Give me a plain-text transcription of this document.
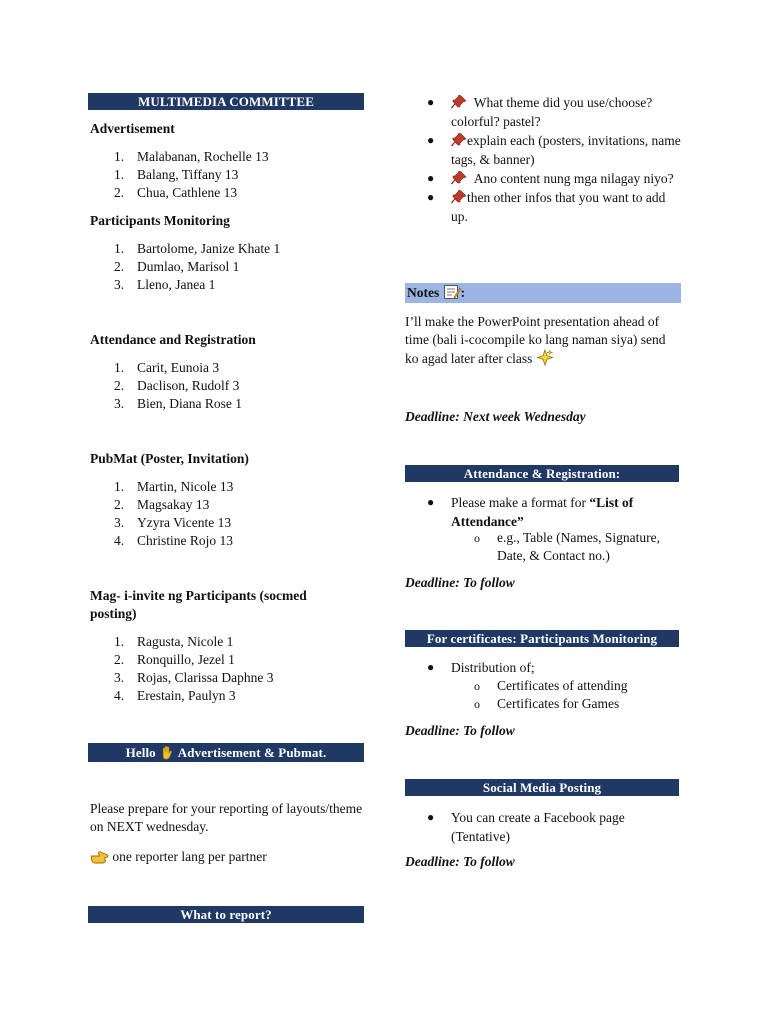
MULTIMEDIA COMMITTEE
Advertisement
1. Malabanan, Rochelle 13
1. Balang, Tiffany 13
2. Chua, Cathlene 13
Participants Monitoring
1. Bartolome, Janize Khate 1
2. Dumlao, Marisol 1
3. Lleno, Janea 1
Attendance and Registration
1. Carit, Eunoia 3
2. Daclison, Rudolf 3
3. Bien, Diana Rose 1
PubMat (Poster, Invitation)
1. Martin, Nicole 13
2. Magsakay 13
3. Yzyra Vicente 13
4. Christine Rojo 13
Mag- i-invite ng Participants (socmed posting)
1. Ragusta, Nicole 1
2. Ronquillo, Jezel 1
3. Rojas, Clarissa Daphne 3
4. Erestain, Paulyn 3
Hello Advertisement & Pubmat.
Please prepare for your reporting of layouts/theme on NEXT wednesday.
one reporter lang per partner
What to report?
●	What theme did you use/choose? colorful? pastel?
● explain each (posters, invitations, name tags, & banner)
●	Ano content nung mga nilagay niyo?
● then other infos that you want to add up.
Notes :
I’ll make the PowerPoint presentation ahead of time (bali i-cocompile ko lang naman siya) send ko agad later after class
Deadline: Next week Wednesday
Attendance & Registration:
● Please make a format for “List of Attendance”
o e.g., Table (Names, Signature, Date, & Contact no.)
Deadline: To follow
For certificates: Participants Monitoring
● Distribution of;
o Certificates of attending
o Certificates for Games
Deadline: To follow
Social Media Posting
● You can create a Facebook page (Tentative)
Deadline: To follow
